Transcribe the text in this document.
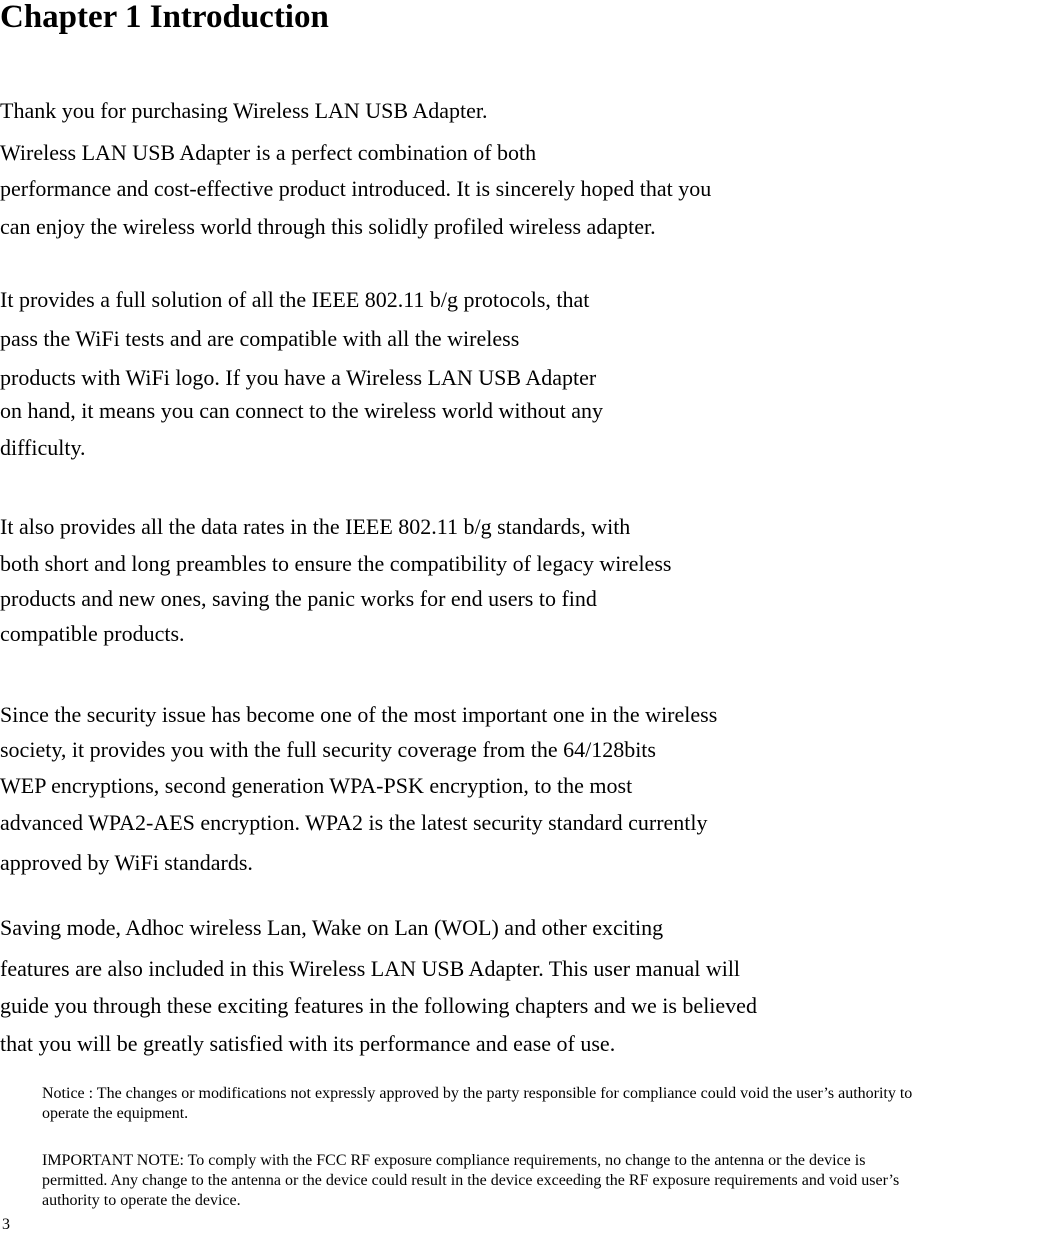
Chapter 1 Introduction

Thank you for purchasing Wireless LAN USB Adapter.

Wireless LAN USB Adapter is a perfect combination of both

performance and cost-effective product introduced. It is sincerely hoped that you

can enjoy the wireless world through this solidly profiled wireless adapter.

It provides a full solution of all the IEEE 802.11 b/g protocols, that

pass the WiFi tests and are compatible with all the wireless

products with WiFi logo. If you have a Wireless LAN USB Adapter

on hand, it means you can connect to the wireless world without any

difficulty.

It also provides all the data rates in the IEEE 802.11 b/g standards, with

both short and long preambles to ensure the compatibility of legacy wireless

products and new ones, saving the panic works for end users to find

compatible products.

Since the security issue has become one of the most important one in the wireless

society, it provides you with the full security coverage from the 64/128bits

WEP encryptions, second generation WPA-PSK encryption, to the most

advanced WPA2-AES encryption. WPA2 is the latest security standard currently

approved by WiFi standards.

Saving mode, Adhoc wireless Lan, Wake on Lan (WOL) and other exciting

features are also included in this Wireless LAN USB Adapter. This user manual will

guide you through these exciting features in the following chapters and we is believed

that you will be greatly satisfied with its performance and ease of use.

Notice : The changes or modifications not expressly approved by the party responsible for compliance could void the user’s authority to

operate the equipment.

IMPORTANT NOTE: To comply with the FCC RF exposure compliance requirements, no change to the antenna or the device is

permitted. Any change to the antenna or the device could result in the device exceeding the RF exposure requirements and void user’s

authority to operate the device.

3
